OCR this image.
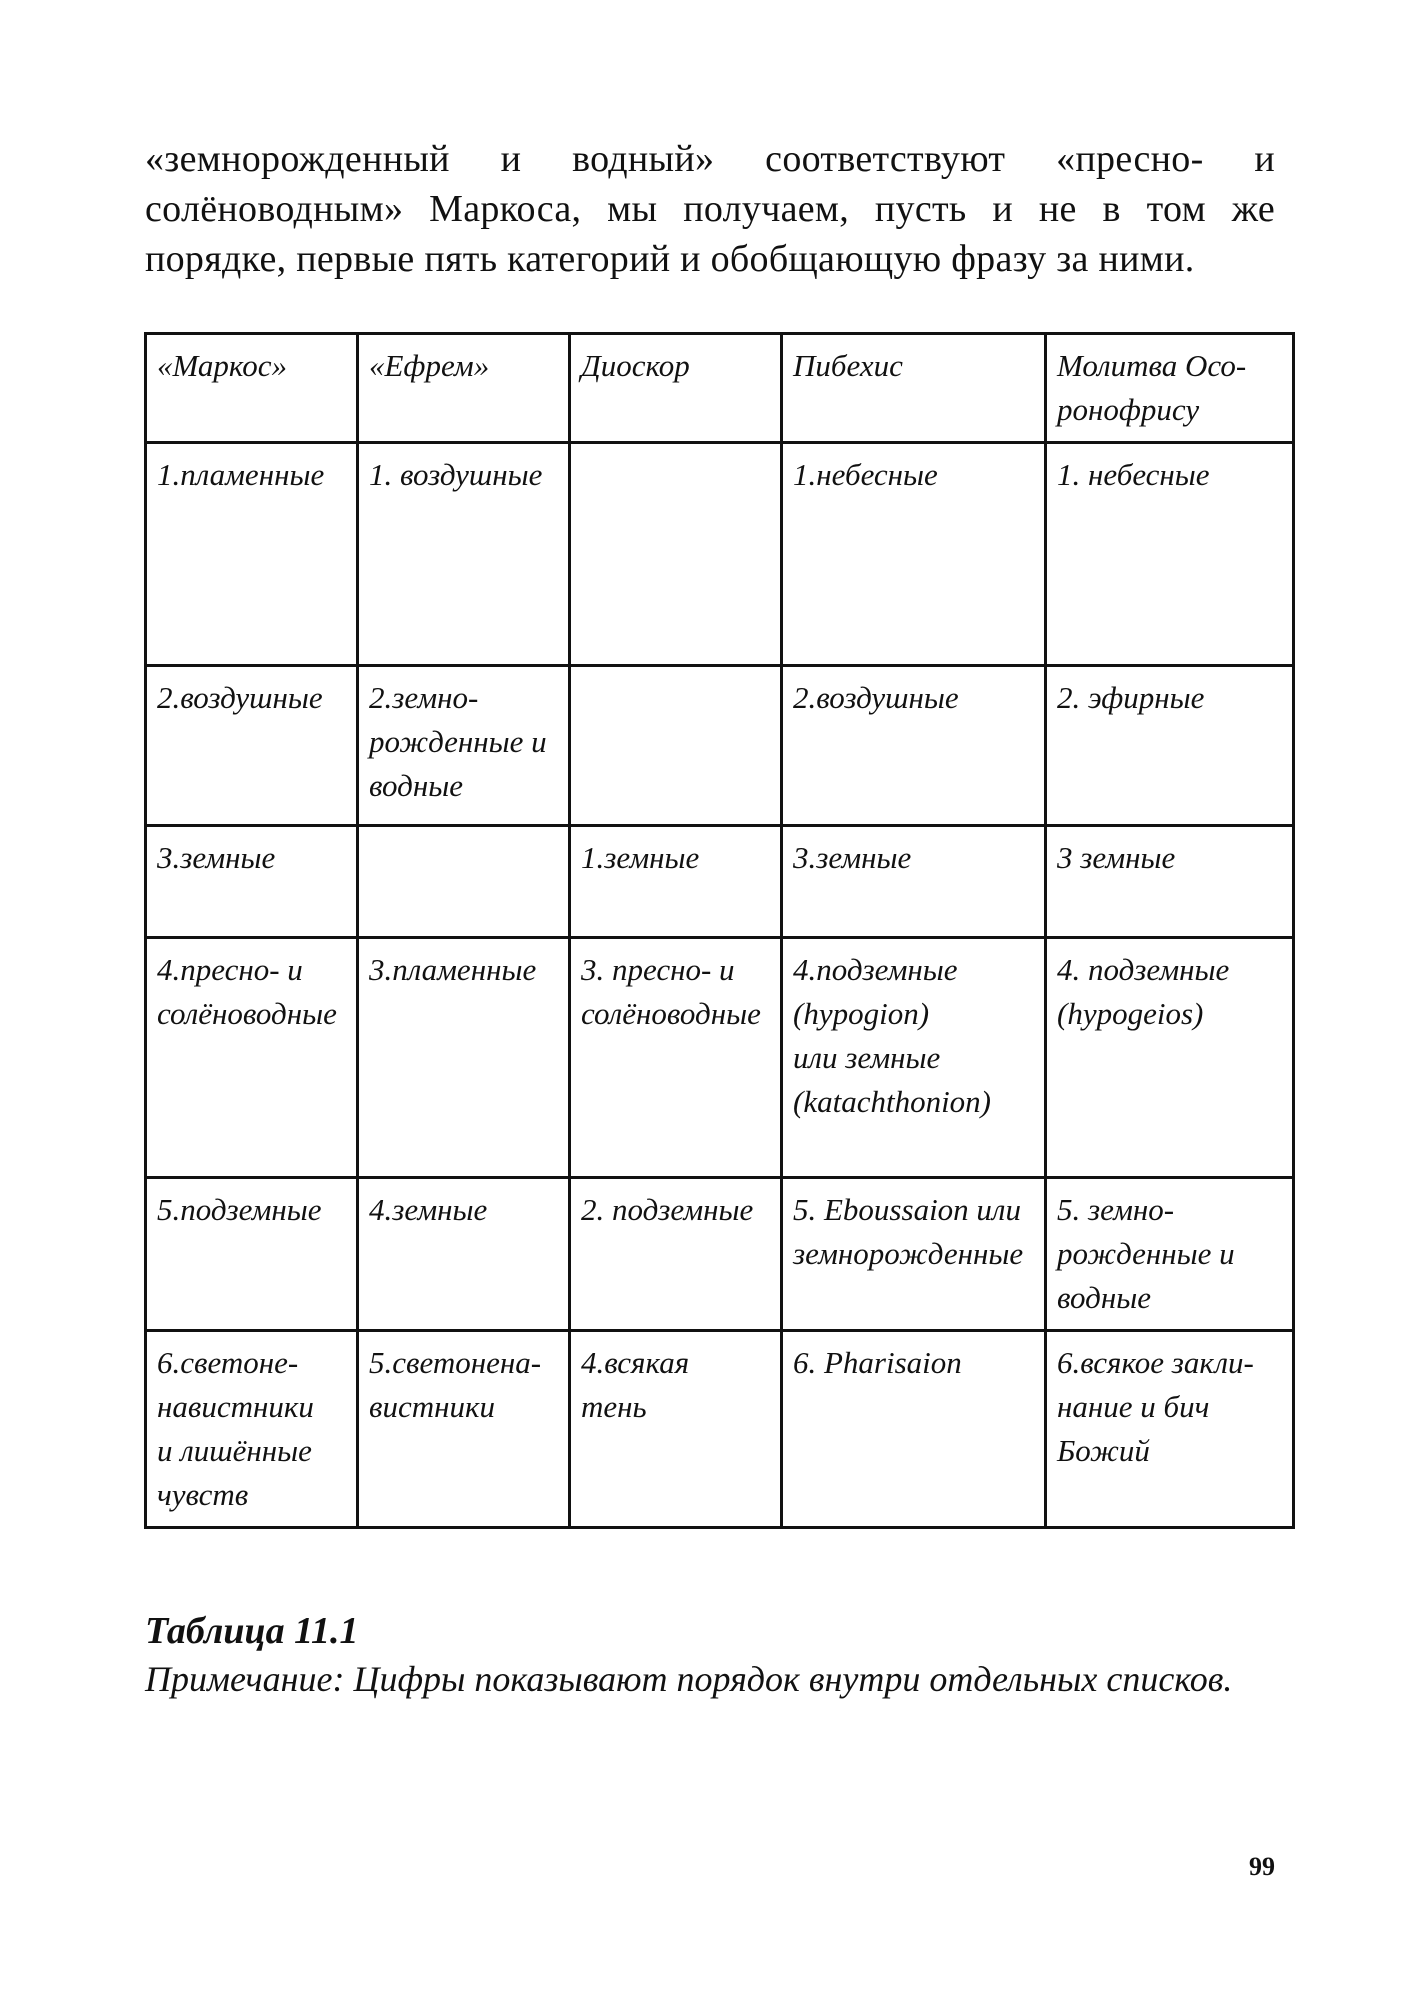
«земнорожденный и водный» соответствуют «пресно- и солёноводным» Маркоса, мы получаем, пусть и не в том же порядке, первые пять категорий и обобщающую фразу за ними.

«Маркос»	«Ефрем»	Диоскор	Пибехис	Молитва Осо-
ронофрису
1.пламенные	1. воздушные		1.небесные	1. небесные
2.воздушные	2.земно-
рожденные и
водные		2.воздушные	2. эфирные
3.земные		1.земные	3.земные	3 земные
4.пресно- и
солёноводные	3.пламенные	3. пресно- и
солёноводные	4.подземные
(hypogion)
или земные
(katachthonion)	4. подземные
(hypogeios)
5.подземные	4.земные	2. подземные	5. Eboussaion или
земнорожденные	5. земно-
рожденные и
водные
6.светоне-
навистники
и лишённые
чувств	5.светонена-
вистники	4.всякая
тень	6. Pharisaion	6.всякое закли-
нание и бич
Божий
Таблица 11.1
Примечание: Цифры показывают порядок внутри отдельных списков.
99
